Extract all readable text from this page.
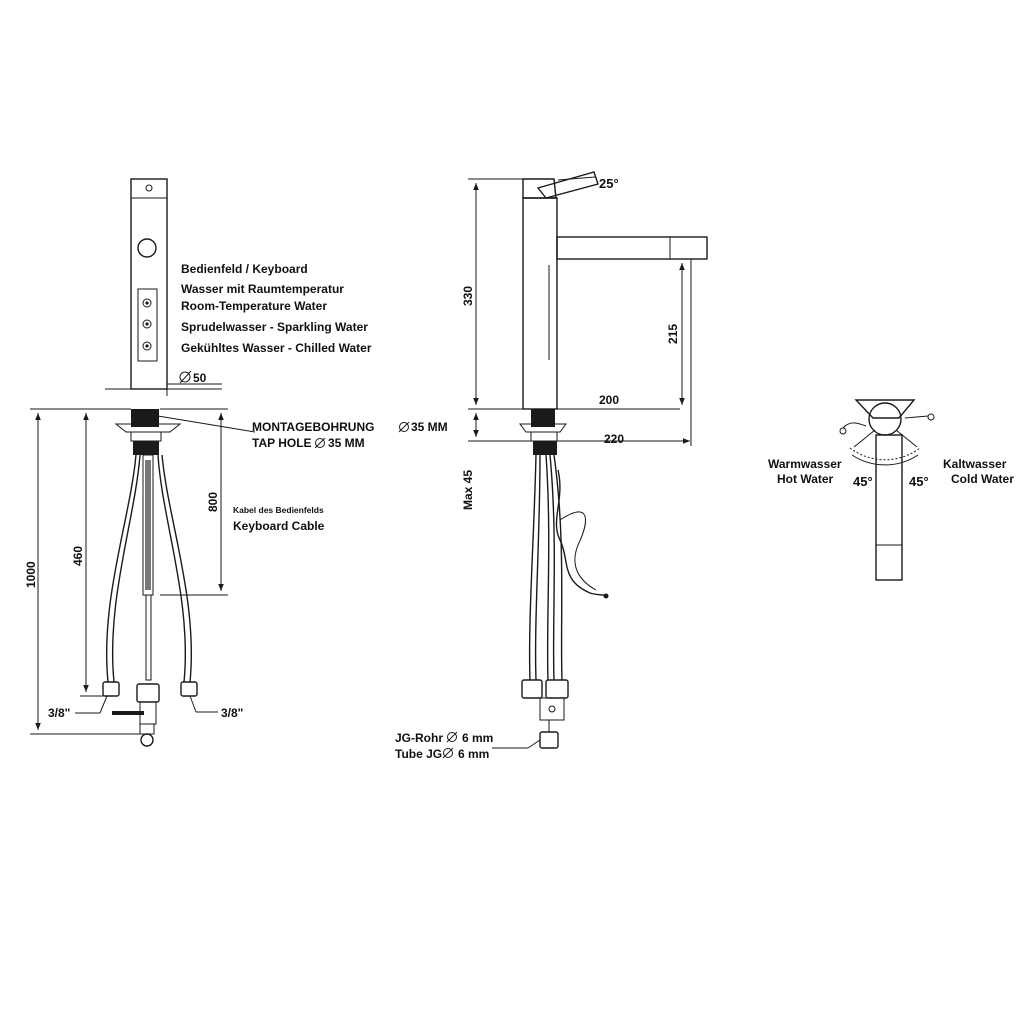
50
Bedienfeld / Keyboard
Wasser mit Raumtemperatur
Room-Temperature Water
Sprudelwasser - Sparkling Water
Gekühltes Wasser - Chilled Water
MONTAGEBOHRUNG
TAP HOLE 35 MM
Kabel des Bedienfelds
Keyboard Cable
800
460
1000
3/8"	3/8"
35 MM
25°
330
215
200
220
Max 45
JG-Rohr 6 mm
Tube JG 6 mm
Warmwasser
Hot Water
Kaltwasser
Cold Water
45°	45°
